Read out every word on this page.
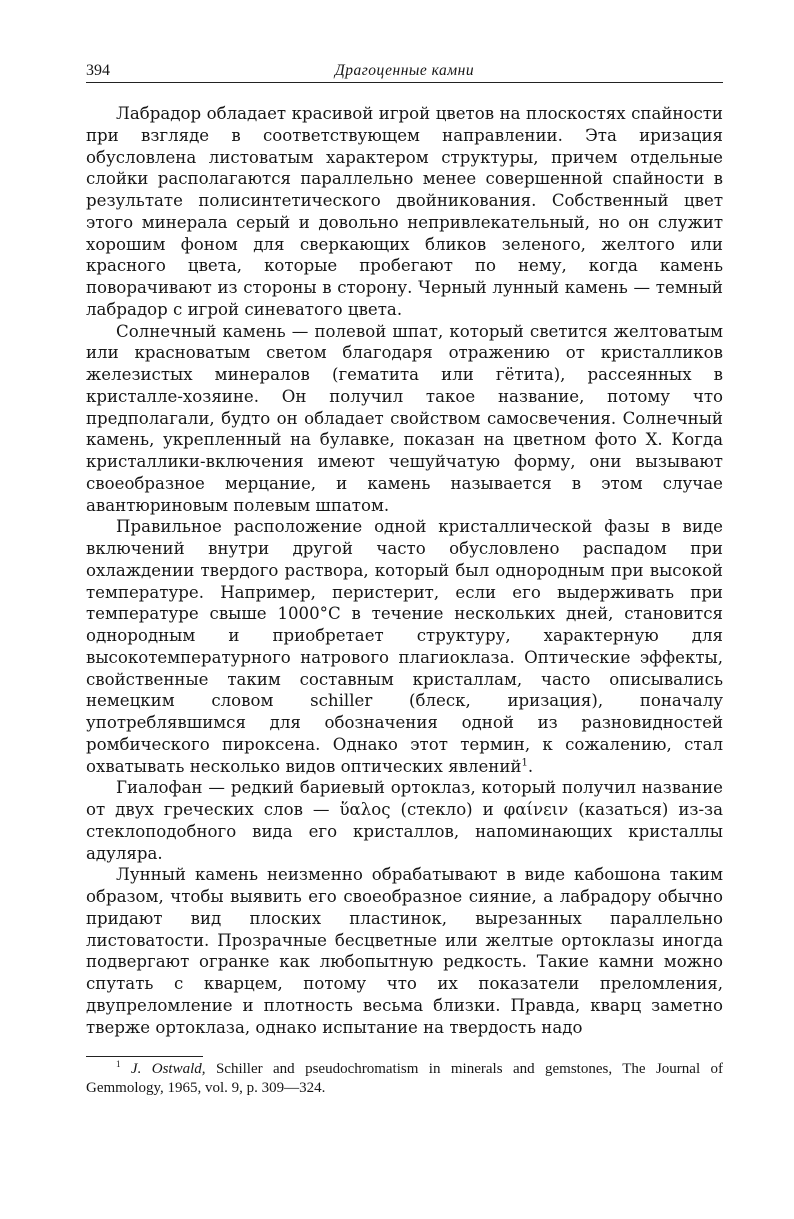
394	Драгоценные камни

Лабрадор обладает красивой игрой цветов на плоскостях спайности при взгляде в соответствующем направлении. Эта иризация обусловлена листоватым характером структуры, причем отдельные слойки располагаются параллельно менее совершенной спайности в результате полисинтетического двойникования. Собственный цвет этого минерала серый и довольно непривлекательный, но он служит хорошим фоном для сверкающих бликов зеленого, желтого или красного цвета, которые пробегают по нему, когда камень поворачивают из стороны в сторону. Черный лунный камень — темный лабрадор с игрой синеватого цвета.

Солнечный камень — полевой шпат, который светится желтоватым или красноватым светом благодаря отражению от кристалликов железистых минералов (гематита или гётита), рассеянных в кристалле-хозяине. Он получил такое название, потому что предполагали, будто он обладает свойством самосвечения. Солнечный камень, укрепленный на булавке, показан на цветном фото X. Когда кристаллики-включения имеют чешуйчатую форму, они вызывают своеобразное мерцание, и камень называется в этом случае авантюриновым полевым шпатом.

Правильное расположение одной кристаллической фазы в виде включений внутри другой часто обусловлено распадом при охлаждении твердого раствора, который был однородным при высокой температуре. Например, перистерит, если его выдерживать при температуре свыше 1000°С в течение нескольких дней, становится однородным и приобретает структуру, характерную для высокотемпературного натрового плагиоклаза. Оптические эффекты, свойственные таким составным кристаллам, часто описывались немецким словом schiller (блеск, иризация), поначалу употреблявшимся для обозначения одной из разновидностей ромбического пироксена. Однако этот термин, к сожалению, стал охватывать несколько видов оптических явлений$^1$.

Гиалофан — редкий бариевый ортоклаз, который получил название от двух греческих слов — ὕαλος (стекло) и φαίνειν (казаться) из-за стеклоподобного вида его кристаллов, напоминающих кристаллы адуляра.

Лунный камень неизменно обрабатывают в виде кабошона таким образом, чтобы выявить его своеобразное сияние, а лабрадору обычно придают вид плоских пластинок, вырезанных параллельно листоватости. Прозрачные бесцветные или желтые ортоклазы иногда подвергают огранке как любопытную редкость. Такие камни можно спутать с кварцем, потому что их показатели преломления, двупреломление и плотность весьма близки. Правда, кварц заметно тверже ортоклаза, однако испытание на твердость надо

$^1$ J. Ostwald, Schiller and pseudochromatism in minerals and gemstones, The Journal of Gemmology, 1965, vol. 9, p. 309—324.
